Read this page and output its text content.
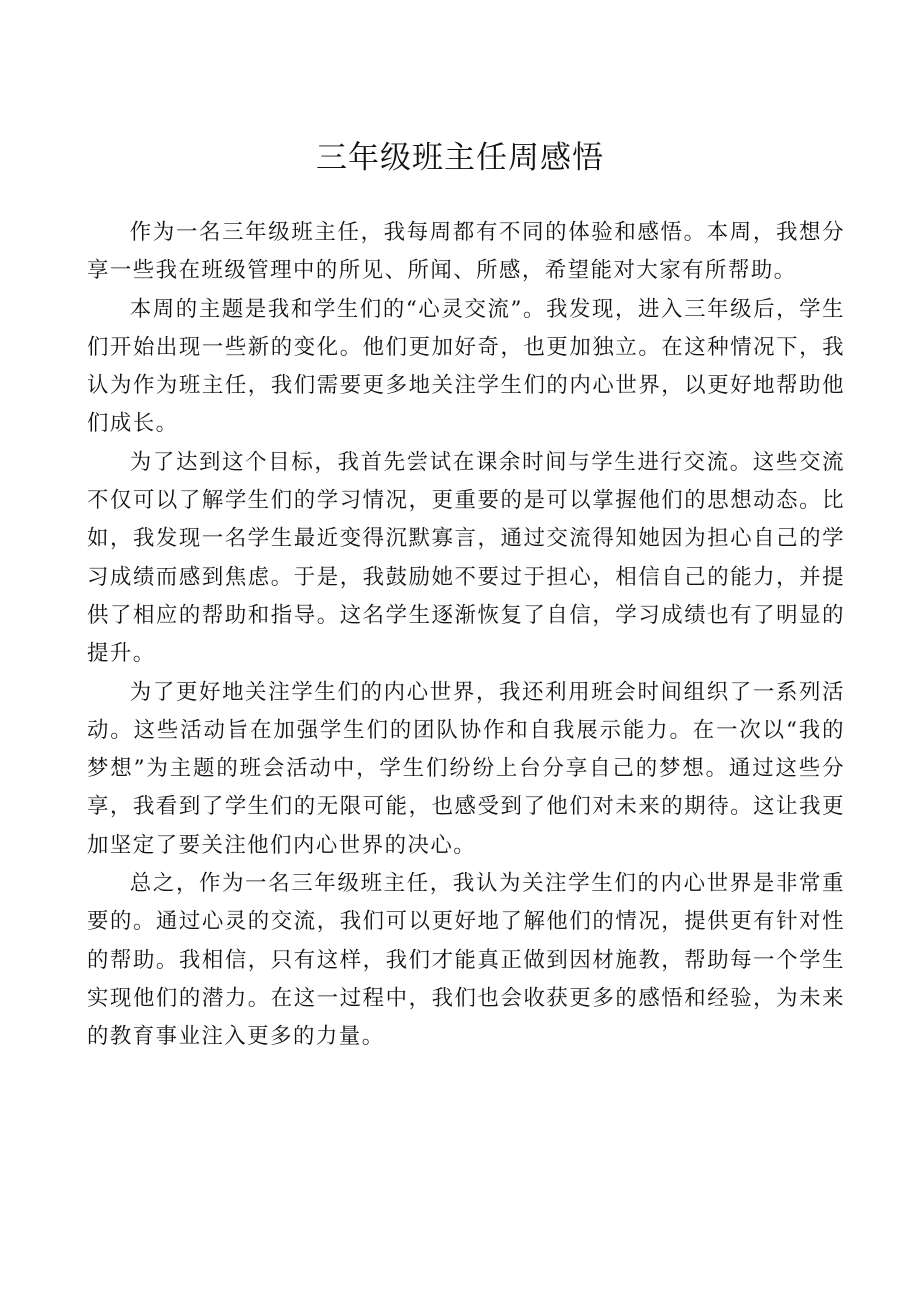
三年级班主任周感悟

作为一名三年级班主任，我每周都有不同的体验和感悟。本周，我想分享一些我在班级管理中的所见、所闻、所感，希望能对大家有所帮助。

本周的主题是我和学生们的“心灵交流”。我发现，进入三年级后，学生们开始出现一些新的变化。他们更加好奇，也更加独立。在这种情况下，我认为作为班主任，我们需要更多地关注学生们的内心世界，以更好地帮助他们成长。

为了达到这个目标，我首先尝试在课余时间与学生进行交流。这些交流不仅可以了解学生们的学习情况，更重要的是可以掌握他们的思想动态。比如，我发现一名学生最近变得沉默寡言，通过交流得知她因为担心自己的学习成绩而感到焦虑。于是，我鼓励她不要过于担心，相信自己的能力，并提供了相应的帮助和指导。这名学生逐渐恢复了自信，学习成绩也有了明显的提升。

为了更好地关注学生们的内心世界，我还利用班会时间组织了一系列活动。这些活动旨在加强学生们的团队协作和自我展示能力。在一次以“我的梦想”为主题的班会活动中，学生们纷纷上台分享自己的梦想。通过这些分享，我看到了学生们的无限可能，也感受到了他们对未来的期待。这让我更加坚定了要关注他们内心世界的决心。

总之，作为一名三年级班主任，我认为关注学生们的内心世界是非常重要的。通过心灵的交流，我们可以更好地了解他们的情况，提供更有针对性的帮助。我相信，只有这样，我们才能真正做到因材施教，帮助每一个学生实现他们的潜力。在这一过程中，我们也会收获更多的感悟和经验，为未来的教育事业注入更多的力量。
